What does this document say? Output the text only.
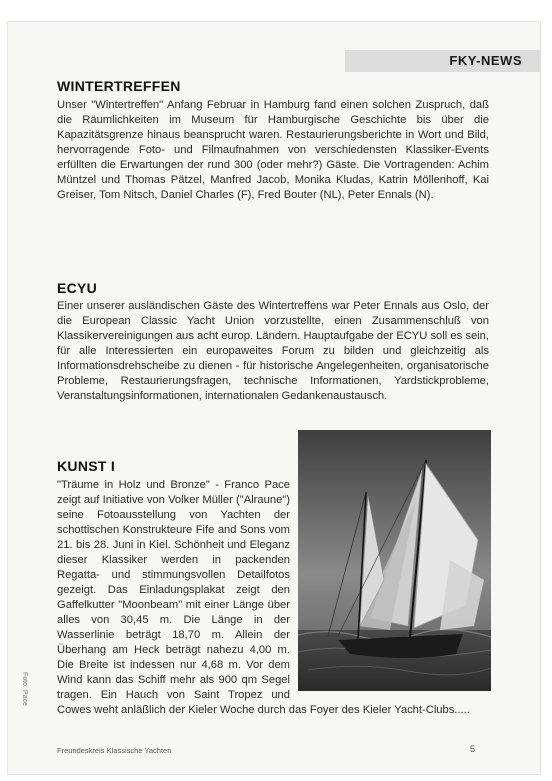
FKY-NEWS
WINTERTREFFEN

Unser "Wintertreffen" Anfang Februar in Hamburg fand einen solchen Zuspruch, daß die Räumlichkeiten im Museum für Hamburgische Geschichte bis über die Kapazitätsgrenze hinaus beansprucht waren. Restaurierungsberichte in Wort und Bild, hervorragende Foto- und Filmaufnahmen von verschiedensten Klassiker-Events erfüllten die Erwartungen der rund 300 (oder mehr?) Gäste. Die Vortragenden: Achim Müntzel und Thomas Pätzel, Manfred Jacob, Monika Kludas, Katrin Möllenhoff, Kai Greiser, Tom Nitsch, Daniel Charles (F), Fred Bouter (NL), Peter Ennals (N).

ECYU

Einer unserer ausländischen Gäste des Wintertreffens war Peter Ennals aus Oslo, der die European Classic Yacht Union vorzustellte, einen Zusammenschluß von Klassikervereinigungen aus acht europ. Ländern. Hauptaufgabe der ECYU soll es sein, für alle Interessierten ein europaweites Forum zu bilden und gleichzeitig als Informationsdrehscheibe zu dienen - für historische Angelegenheiten, organisatorische Probleme, Restaurierungsfragen, technische Informationen, Yardstickprobleme, Veranstaltungsinformationen, internationalen Gedankenaustausch.

KUNST I
"Träume in Holz und Bronze" - Franco Pace zeigt auf Initiative von Volker Müller ("Alraune") seine Fotoausstellung von Yachten der schottischen Konstrukteure Fife and Sons vom 21. bis 28. Juni in Kiel. Schönheit und Eleganz dieser Klassiker werden in packenden Regatta- und stimmungsvollen Detailfotos gezeigt. Das Einladungsplakat zeigt den Gaffelkutter "Moonbeam" mit einer Länge über alles von 30,45 m. Die Länge in der Wasserlinie beträgt 18,70 m. Allein der Überhang am Heck beträgt nahezu 4,00 m. Die Breite ist indessen nur 4,68 m. Vor dem Wind kann das Schiff mehr als 900 qm Segel tragen. Ein Hauch von Saint Tropez und Cowes weht anläßlich der Kieler Woche durch das Foyer des Kieler Yacht-Clubs.....
Foto: Pace
Freundeskreis Klassische Yachten	5
